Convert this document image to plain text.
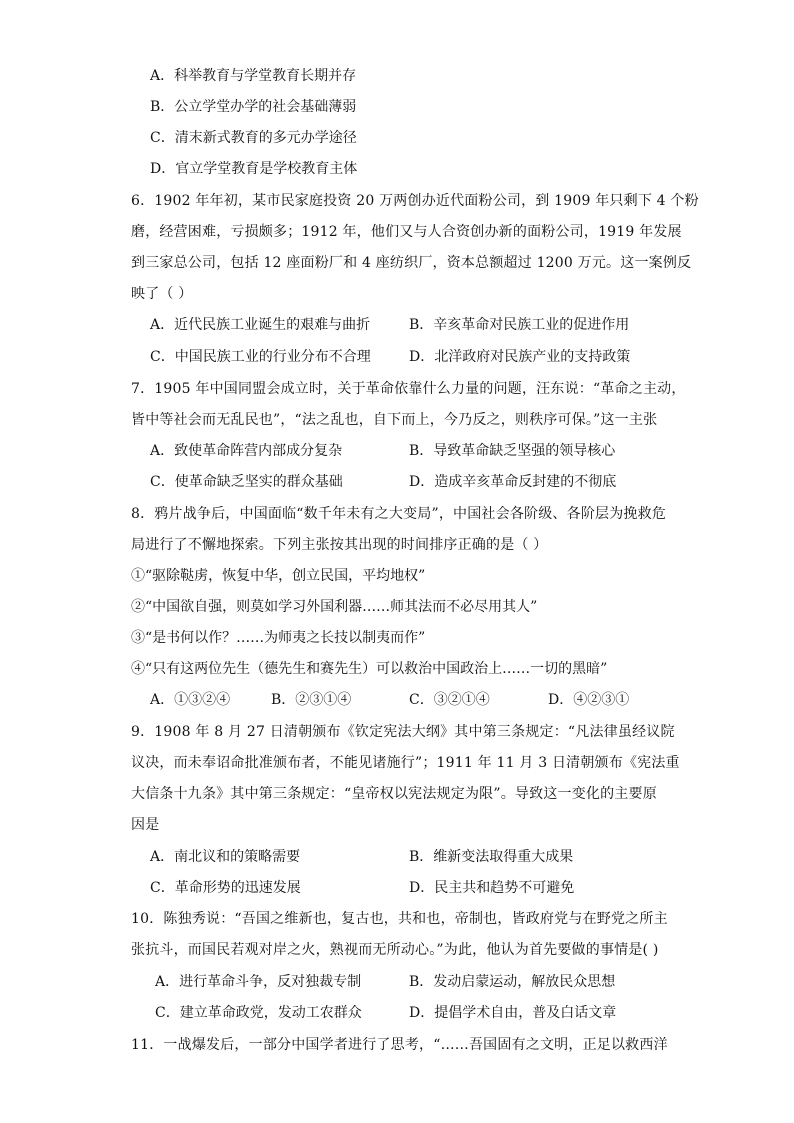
A．科举教育与学堂教育长期并存
B．公立学堂办学的社会基础薄弱
C．清末新式教育的多元办学途径
D．官立学堂教育是学校教育主体
6．1902 年年初，某市民家庭投资 20 万两创办近代面粉公司，到 1909 年只剩下 4 个粉
磨，经营困难，亏损颇多；1912 年，他们又与人合资创办新的面粉公司，1919 年发展
到三家总公司，包括 12 座面粉厂和 4 座纺织厂，资本总额超过 1200 万元。这一案例反
映了（ ）
A．近代民族工业诞生的艰难与曲折	B．辛亥革命对民族工业的促进作用
C．中国民族工业的行业分布不合理	D．北洋政府对民族产业的支持政策
7．1905 年中国同盟会成立时，关于革命依靠什么力量的问题，汪东说：“革命之主动，
皆中等社会而无乱民也”，“法之乱也，自下而上，今乃反之，则秩序可保。”这一主张
A．致使革命阵营内部成分复杂	B．导致革命缺乏坚强的领导核心
C．使革命缺乏坚实的群众基础	D．造成辛亥革命反封建的不彻底
8．鸦片战争后，中国面临“数千年未有之大变局”，中国社会各阶级、各阶层为挽救危
局进行了不懈地探索。下列主张按其出现的时间排序正确的是（ ）
①“驱除鞑虏，恢复中华，创立民国，平均地权”
②“中国欲自强，则莫如学习外国利器……师其法而不必尽用其人”
③“是书何以作？……为师夷之长技以制夷而作”
④“只有这两位先生（德先生和赛先生）可以救治中国政治上……一切的黑暗”
A．①③②④	B．②③①④	C．③②①④	D．④②③①
9．1908 年 8 月 27 日清朝颁布《钦定宪法大纲》其中第三条规定：“凡法律虽经议院
议决，而未奉诏命批准颁布者，不能见诸施行”；1911 年 11 月 3 日清朝颁布《宪法重
大信条十九条》其中第三条规定：“皇帝权以宪法规定为限”。导致这一变化的主要原
因是
A．南北议和的策略需要	B．维新变法取得重大成果
C．革命形势的迅速发展	D．民主共和趋势不可避免
10．陈独秀说：“吾国之维新也，复古也，共和也，帝制也，皆政府党与在野党之所主
张抗斗，而国民若观对岸之火，熟视而无所动心。”为此，他认为首先要做的事情是( )
A．进行革命斗争，反对独裁专制	B．发动启蒙运动，解放民众思想
C．建立革命政党，发动工农群众	D．提倡学术自由，普及白话文章
11．一战爆发后，一部分中国学者进行了思考，“……吾国固有之文明，正足以救西洋
